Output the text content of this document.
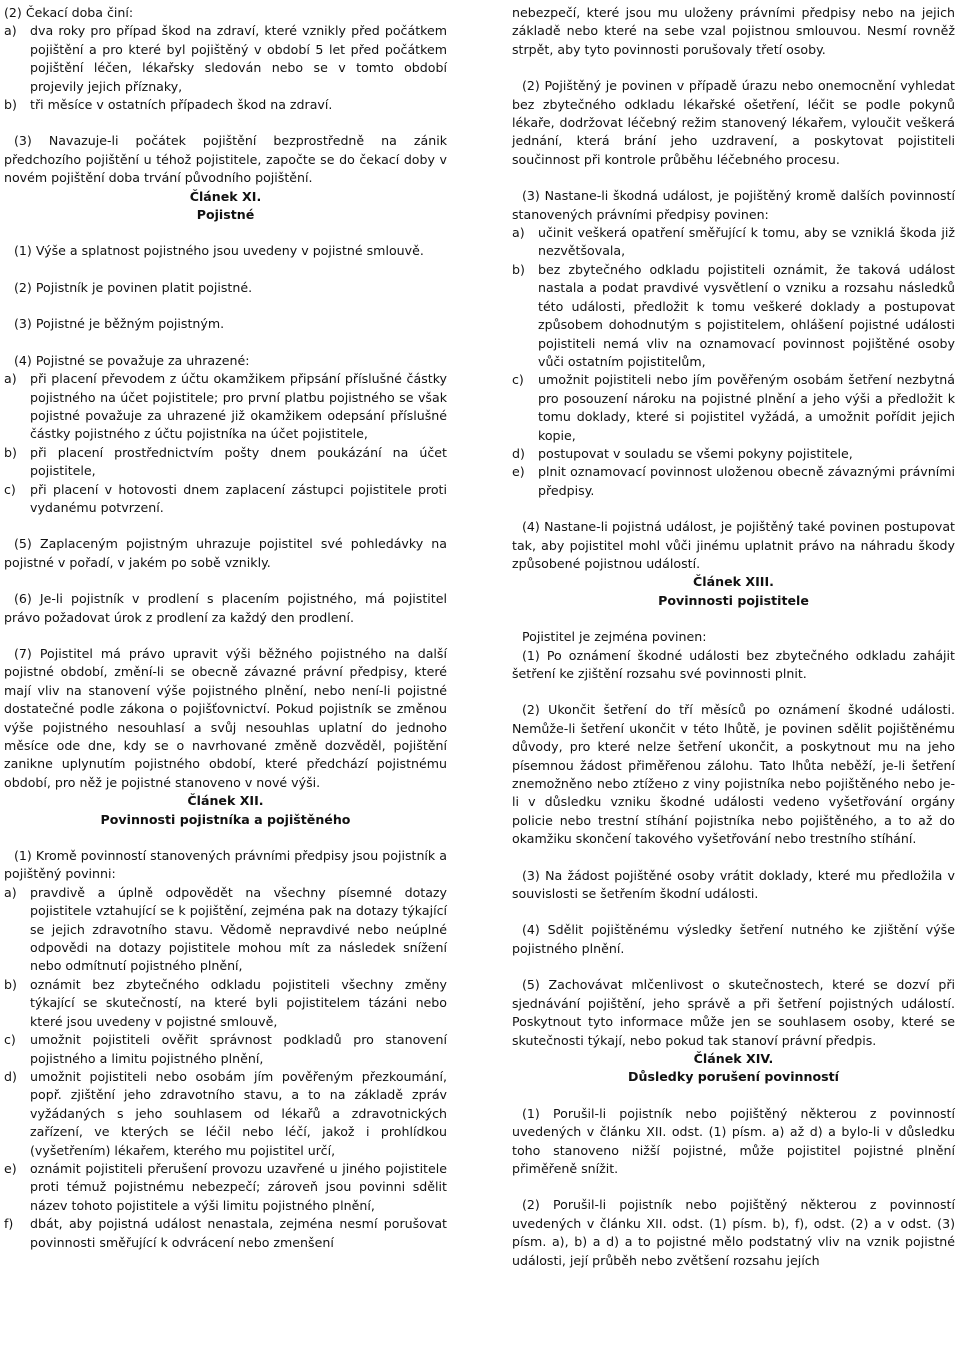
(2) Čekací doba činí:

a) dva roky pro případ škod na zdraví, které vznikly před počátkem pojištění a pro které byl pojištěný v období 5 let před počátkem pojištění léčen, lékařsky sledován nebo se v tomto období projevily jejich příznaky,
b) tři měsíce v ostatních případech škod na zdraví.

(3) Navazuje-li počátek pojištění bezprostředně na zánik předchozího pojištění u téhož pojistitele, započte se do čekací doby v novém pojištění doba trvání původního pojištění.

Článek XI.

Pojistné

(1) Výše a splatnost pojistného jsou uvedeny v pojistné smlouvě.

(2) Pojistník je povinen platit pojistné.

(3) Pojistné je běžným pojistným.

(4) Pojistné se považuje za uhrazené:

a) při placení převodem z účtu okamžikem připsání příslušné částky pojistného na účet pojistitele; pro první platbu pojistného se však pojistné považuje za uhrazené již okamžikem odepsání příslušné částky pojistného z účtu pojistníka na účet pojistitele,
b) při placení prostřednictvím pošty dnem poukázání na účet pojistitele,
c) při placení v hotovosti dnem zaplacení zástupci pojistitele proti vydanému potvrzení.

(5) Zaplaceným pojistným uhrazuje pojistitel své pohledávky na pojistné v pořadí, v jakém po sobě vznikly.

(6) Je-li pojistník v prodlení s placením pojistného, má pojistitel právo požadovat úrok z prodlení za každý den prodlení.

(7) Pojistitel má právo upravit výši běžného pojistného na další pojistné období, změní-li se obecně závazné právní předpisy, které mají vliv na stanovení výše pojistného plnění, nebo není-li pojistné dostatečné podle zákona o pojišťovnictví. Pokud pojistník se změnou výše pojistného nesouhlasí a svůj nesouhlas uplatní do jednoho měsíce ode dne, kdy se o navrhované změně dozvěděl, pojištění zanikne uplynutím pojistného období, které předchází pojistnému období, pro něž je pojistné stanoveno v nové výši.

Článek XII.

Povinnosti pojistníka a pojištěného

(1) Kromě povinností stanovených právními předpisy jsou pojistník a pojištěný povinni:

a) pravdivě a úplně odpovědět na všechny písemné dotazy pojistitele vztahující se k pojištění, zejména pak na dotazy týkající se jejich zdravotního stavu. Vědomě nepravdivé nebo neúplné odpovědi na dotazy pojistitele mohou mít za následek snížení nebo odmítnutí pojistného plnění,
b) oznámit bez zbytečného odkladu pojistiteli všechny změny týkající se skutečností, na které byli pojistitelem tázáni nebo které jsou uvedeny v pojistné smlouvě,
c) umožnit pojistiteli ověřit správnost podkladů pro stanovení pojistného a limitu pojistného plnění,
d) umožnit pojistiteli nebo osobám jím pověřeným přezkoumání, popř. zjištění jeho zdravotního stavu, a to na základě zpráv vyžádaných s jeho souhlasem od lékařů a zdravotnických zařízení, ve kterých se léčil nebo léčí, jakož i prohlídkou (vyšetřením) lékařem, kterého mu pojistitel určí,
e) oznámit pojistiteli přerušení provozu uzavřené u jiného pojistitele proti témuž pojistnému nebezpečí; zároveň jsou povinni sdělit název tohoto pojistitele a výši limitu pojistného plnění,
f) dbát, aby pojistná událost nenastala, zejména nesmí porušovat povinnosti směřující k odvrácení nebo zmenšení

nebezpečí, které jsou mu uloženy právními předpisy nebo na jejich základě nebo které na sebe vzal pojistnou smlouvou. Nesmí rovněž strpět, aby tyto povinnosti porušovaly třetí osoby.

(2) Pojištěný je povinen v případě úrazu nebo onemocnění vyhledat bez zbytečného odkladu lékařské ošetření, léčit se podle pokynů lékaře, dodržovat léčebný režim stanovený lékařem, vyloučit veškerá jednání, která brání jeho uzdravení, a poskytovat pojistiteli součinnost při kontrole průběhu léčebného procesu.

(3) Nastane-li škodná událost, je pojištěný kromě dalších povinností stanovených právními předpisy povinen:

a) učinit veškerá opatření směřující k tomu, aby se vzniklá škoda již nezvětšovala,
b) bez zbytečného odkladu pojistiteli oznámit, že taková událost nastala a podat pravdivé vysvětlení o vzniku a rozsahu následků této události, předložit k tomu veškeré doklady a postupovat způsobem dohodnutým s pojistitelem, ohlášení pojistné události pojistiteli nemá vliv na oznamovací povinnost pojištěné osoby vůči ostatním pojistitelům,
c) umožnit pojistiteli nebo jím pověřeným osobám šetření nezbytná pro posouzení nároku na pojistné plnění a jeho výši a předložit k tomu doklady, které si pojistitel vyžádá, a umožnit pořídit jejich kopie,
d) postupovat v souladu se všemi pokyny pojistitele,
e) plnit oznamovací povinnost uloženou obecně závaznými právními předpisy.

(4) Nastane-li pojistná událost, je pojištěný také povinen postupovat tak, aby pojistitel mohl vůči jinému uplatnit právo na náhradu škody způsobené pojistnou událostí.

Článek XIII.

Povinnosti pojistitele

Pojistitel je zejména povinen:

(1) Po oznámení škodné události bez zbytečného odkladu zahájit šetření ke zjištění rozsahu své povinnosti plnit.

(2) Ukončit šetření do tří měsíců po oznámení škodné události. Nemůže-li šetření ukončit v této lhůtě, je povinen sdělit pojištěnému důvody, pro které nelze šetření ukončit, a poskytnout mu na jeho písemnou žádost přiměřenou zálohu. Tato lhůta neběží, je-li šetření znemožněno nebo ztížено z viny pojistníka nebo pojištěného nebo je-li v důsledku vzniku škodné události vedeno vyšetřování orgány policie nebo trestní stíhání pojistníka nebo pojištěného, a to až do okamžiku skončení takového vyšetřování nebo trestního stíhání.

(3) Na žádost pojištěné osoby vrátit doklady, které mu předložila v souvislosti se šetřením škodní události.

(4) Sdělit pojištěnému výsledky šetření nutného ke zjištění výše pojistného plnění.

(5) Zachovávat mlčenlivost o skutečnostech, které se dozví při sjednávání pojištění, jeho správě a při šetření pojistných událostí. Poskytnout tyto informace může jen se souhlasem osoby, které se skutečnosti týkají, nebo pokud tak stanoví právní předpis.

Článek XIV.

Důsledky porušení povinností

(1) Porušil-li pojistník nebo pojištěný některou z povinností uvedených v článku XII. odst. (1) písm. a) až d) a bylo-li v důsledku toho stanoveno nižší pojistné, může pojistitel pojistné plnění přiměřeně snížit.

(2) Porušil-li pojistník nebo pojištěný některou z povinností uvedených v článku XII. odst. (1) písm. b), f), odst. (2) a v odst. (3) písm. a), b) a d) a to pojistné mělo podstatný vliv na vznik pojistné události, její průběh nebo zvětšení rozsahu jejích
